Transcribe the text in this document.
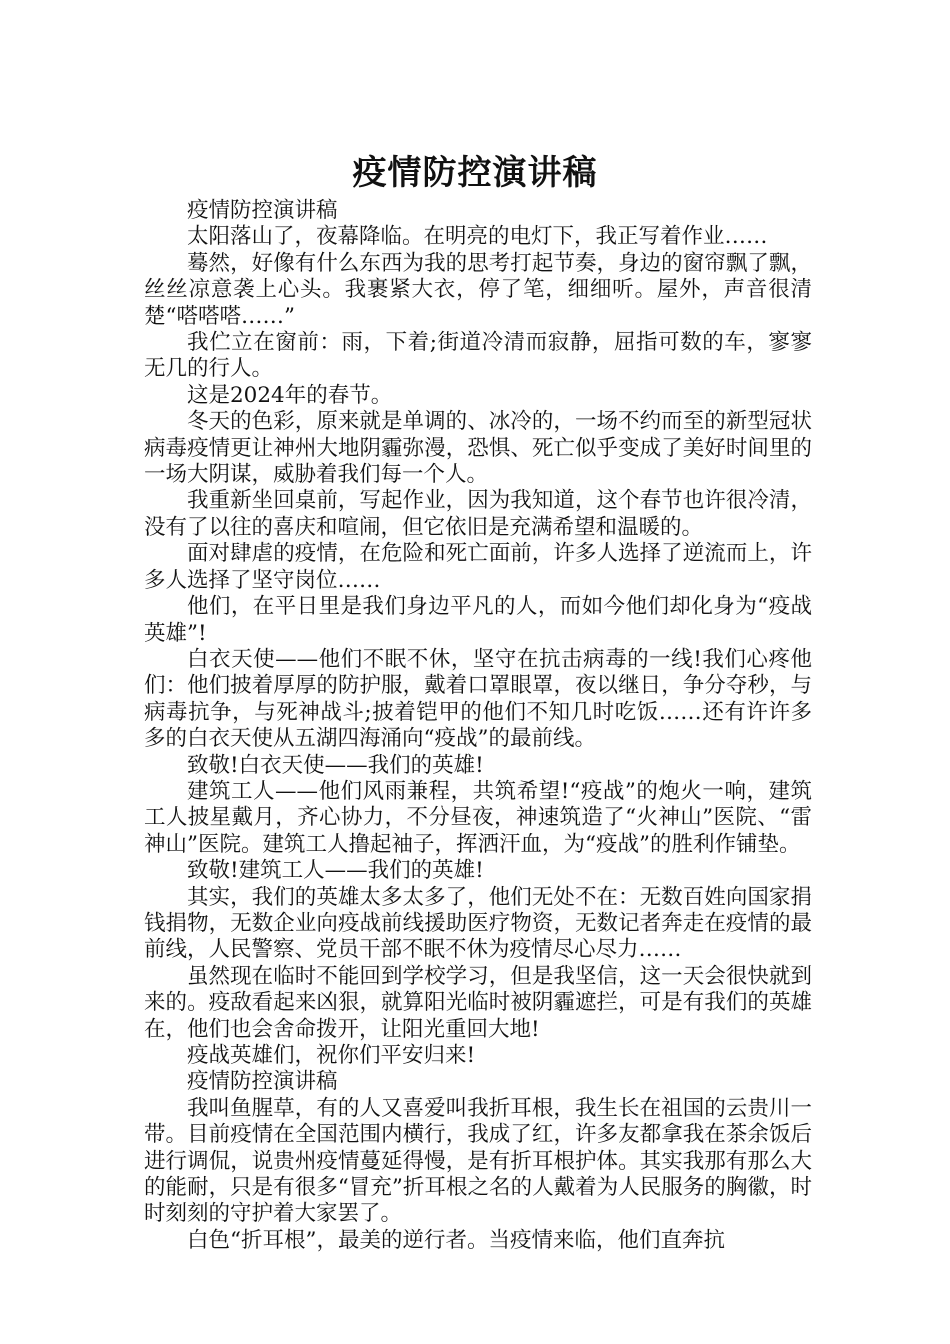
疫情防控演讲稿

疫情防控演讲稿

太阳落山了，夜幕降临。在明亮的电灯下，我正写着作业……

蓦然，好像有什么东西为我的思考打起节奏，身边的窗帘飘了飘，丝丝凉意袭上心头。我裹紧大衣，停了笔，细细听。屋外，声音很清楚“嗒嗒嗒……”

我伫立在窗前：雨，下着;街道冷清而寂静，屈指可数的车，寥寥无几的行人。

这是2024年的春节。

冬天的色彩，原来就是单调的、冰冷的，一场不约而至的新型冠状病毒疫情更让神州大地阴霾弥漫，恐惧、死亡似乎变成了美好时间里的一场大阴谋，威胁着我们每一个人。

我重新坐回桌前，写起作业，因为我知道，这个春节也许很冷清，没有了以往的喜庆和喧闹，但它依旧是充满希望和温暖的。

面对肆虐的疫情，在危险和死亡面前，许多人选择了逆流而上，许多人选择了坚守岗位……

他们，在平日里是我们身边平凡的人，而如今他们却化身为“疫战英雄”!

白衣天使——他们不眠不休，坚守在抗击病毒的一线!我们心疼他们：他们披着厚厚的防护服，戴着口罩眼罩，夜以继日，争分夺秒，与病毒抗争，与死神战斗;披着铠甲的他们不知几时吃饭……还有许许多多的白衣天使从五湖四海涌向“疫战”的最前线。

致敬!白衣天使——我们的英雄!

建筑工人——他们风雨兼程，共筑希望!“疫战”的炮火一响，建筑工人披星戴月，齐心协力，不分昼夜，神速筑造了“火神山”医院、“雷神山”医院。建筑工人撸起袖子，挥洒汗血，为“疫战”的胜利作铺垫。

致敬!建筑工人——我们的英雄!

其实，我们的英雄太多太多了，他们无处不在：无数百姓向国家捐钱捐物，无数企业向疫战前线援助医疗物资，无数记者奔走在疫情的最前线，人民警察、党员干部不眠不休为疫情尽心尽力……

虽然现在临时不能回到学校学习，但是我坚信，这一天会很快就到来的。疫敌看起来凶狠，就算阳光临时被阴霾遮拦，可是有我们的英雄在，他们也会舍命拨开，让阳光重回大地!

疫战英雄们，祝你们平安归来!

疫情防控演讲稿

我叫鱼腥草，有的人又喜爱叫我折耳根，我生长在祖国的云贵川一带。目前疫情在全国范围内横行，我成了红，许多友都拿我在茶余饭后进行调侃，说贵州疫情蔓延得慢，是有折耳根护体。其实我那有那么大的能耐，只是有很多“冒充”折耳根之名的人戴着为人民服务的胸徽，时时刻刻的守护着大家罢了。

白色“折耳根”，最美的逆行者。当疫情来临，他们直奔抗
